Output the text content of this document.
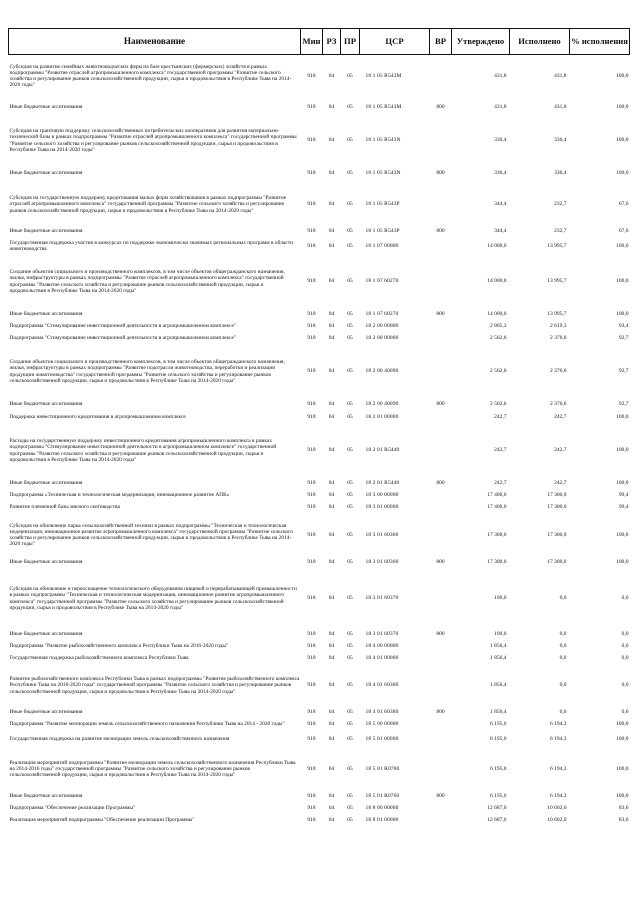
Наименование	Мин	РЗ	ПР	ЦСР	ВР	Утверждено	Исполнено	% исполнения
Субсидия на развитие семейных животноводческих ферм на базе крестьянских (фермерских) хозяйств в рамках подпрограммы "Развитие отраслей агропромышленного комплекса" государственной программы "Развитие сельского хозяйства и регулирование рынков сельскохозяйственной продукции, сырья и продовольствия в Республике Тыва на 2014-2020 годы"	918	04	05	18 1 05 R543M		431,8	431,8	100,0
Иные бюджетные ассигнования	918	04	05	18 1 05 R543M	800	431,8	431,8	100,0
Субсидия на грантовую поддержку сельскохозяйственных потребительских кооперативов для развития материально-технической базы в рамках подпрограммы "Развитие отраслей агропромышленного комплекса" государственной программы "Развитие сельского хозяйства и регулирование рынков сельскохозяйственной продукции, сырья и продовольствия в Республике Тыва на 2014-2020 годы"	918	04	05	18 1 05 R543N		336,4	336,4	100,0
Иные бюджетные ассигнования	918	04	05	18 1 05 R543N	800	336,4	336,4	100,0
Субсидия на государственную поддержку кредитования малых форм хозяйствования в рамках подпрограммы "Развитие отраслей агропромышленного комплекса" государственной программы "Развитие сельского хозяйства и регулирование рынков сельскохозяйственной продукции, сырья и продовольствия в Республике Тыва на 2014-2020 годы"	918	04	05	18 1 05 R543P		344,4	232,7	67,6
Иные бюджетные ассигнования	918	04	05	18 1 05 R543P	800	344,4	232,7	67,6
Государственная поддержка участия в конкурсах по поддержке экономически значимых региональных программ в области животноводства	918	04	05	18 1 07 00000		14 000,0	13 995,7	100,0
Создание объектов социального и производственного комплексов, в том числе объектов общегражданского назначения, жилья, инфраструктуры в рамках подпрограммы "Развитие отраслей агропромышленного комплекса" государственной программы "Развитие сельского хозяйства и регулирование рынков сельскохозяйственной продукции, сырья и продовольствия в Республике Тыва на 2014-2020 годы"	918	04	05	18 1 07 60270		14 000,0	13 995,7	100,0
Иные бюджетные ассигнования	918	04	05	18 1 07 60270	800	14 000,0	13 995,7	100,0
Подпрограмма "Стимулирование инвестиционной деятельности в агропромышленном комплексе"	918	04	05	18 2 00 00000		2 805,3	2 619,3	93,4
Подпрограмма "Стимулирование инвестиционной деятельности в агропромышленном комплексе"	918	04	05	18 2 00 00000		2 562,6	2 376,6	92,7
Создание объектов социального и производственного комплексов, в том числе объектов общегражданского назначения, жилья, инфраструктуры в рамках подпрограммы "Развитие подотрасли животноводства, переработки и реализации продукции животноводства" государственной программы "Развитие сельского хозяйства и регулирование рынков сельскохозяйственной продукции, сырья и продовольствия в Республике Тыва на 2014-2020 годы"	918	04	05	18 2 00 40090		2 562,6	2 376,6	92,7
Иные бюджетные ассигнования	918	04	05	18 2 00 40090	800	2 562,6	2 376,6	92,7
Поддержка инвестиционного кредитования в агропромышленном комплексе	918	04	05	18 2 01 00000		242,7	242,7	100,0
Расходы на государственную поддержку инвестиционного кредитования агропромышленного комплекса в рамках подпрограммы "Стимулирование инвестиционной деятельности в агропромышленном комплексе" государственной программы "Развитие сельского хозяйства и регулирование рынков сельскохозяйственной продукции, сырья и продовольствия в Республике Тыва на 2014-2020 годы"	918	04	05	18 2 01 R5440		242,7	242,7	100,0
Иные бюджетные ассигнования	918	04	05	18 2 01 R5440	800	242,7	242,7	100,0
Подпрограмма «Техническая и технологическая модернизация, инновационное развитие АПК»	918	04	05	18 3 00 00000		17 400,0	17 300,0	99,4
Развитие племенной базы мясного скотоводства	918	04	05	18 3 01 00000		17 400,0	17 300,0	99,4
Субсидия на обновление парка сельскохозяйственной техники в рамках подпрограммы "Техническая и технологическая модернизация, инновационное развитие агропромышленного комплекса" государственной программы "Развитие сельского хозяйства и регулирование рынков сельскохозяйственной продукции, сырья и продовольствия в Республике Тыва на 2014-2020 годы"	918	04	05	18 3 01 60360		17 300,0	17 300,0	100,0
Иные бюджетные ассигнования	918	04	05	18 3 01 60360	800	17 300,0	17 300,0	100,0
Субсидия на обновление и переоснащение технологического оборудования пищевой и перерабатывающей промышленности в рамках подпрограммы "Техническая и технологическая модернизация, инновационное развитие агропромышленного комплекса" государственной программы "Развитие сельского хозяйства и регулирование рынков сельскохозяйственной продукции, сырья и продовольствия в Республике Тыва на 2014-2020 годы"	918	04	05	18 3 01 60370		100,0	0,0	0,0
Иные бюджетные ассигнования	918	04	05	18 3 01 60370	800	100,0	0,0	0,0
Подпрограмма "Развитие рыбохозяйственного комплекса Республики Тыва на 2016-2020 годы"	918	04	05	18 4 00 00000		1 856,4	0,0	0,0
Государственная поддержка рыбохозяйственного комплекса Республики Тыва	918	04	05	18 4 01 00000		1 856,4	0,0	0,0
Развитие рыбохозяйственного комплекса Республики Тыва в рамках подпрограммы "Развитие рыбохозяйственного комплекса Республики Тыва на 2016-2020 годы" государственной программы "Развитие сельского хозяйства и регулирование рынков сельскохозяйственной продукции, сырья и продовольствия в Республике Тыва на 2014-2020 годы"	918	04	05	18 4 01 60380		1 856,4	0,0	0,0
Иные бюджетные ассигнования	918	04	05	18 4 01 60380	800	1 856,4	0,0	0,0
Подпрограмма "Развитие мелиорации земель сельскохозяйственного назначения Республики Тыва на 2014 - 2020 годы"	918	04	05	18 5 00 00000		6 195,0	6 194,3	100,0
Государственная поддержка на развитие мелиорации земель сельскохозяйственного назначения	918	04	05	18 5 01 00000		6 195,0	6 194,3	100,0
Реализация мероприятий подпрограммы "Развитие мелиорации земель сельскохозяйственного назначения Республики Тыва на 2014-2016 годы" государственной программы "Развитие сельского хозяйства и регулирование рынков сельскохозяйственной продукции, сырья и продовольствия в Республике Тыва на 2014-2020 годы"	918	04	05	18 5 01 R0760		6 195,0	6 194,3	100,0
Иные бюджетные ассигнования	918	04	05	18 5 01 R0760	800	6 195,0	6 194,3	100,0
Подпрограмма "Обеспечение реализации Программы"	918	04	05	18 8 00 00000		12 687,0	10 602,0	83,6
Реализация мероприятий подпрограммы "Обеспечение реализации Программы"	918	04	05	18 8 01 00000		12 687,0	10 602,0	83,6
